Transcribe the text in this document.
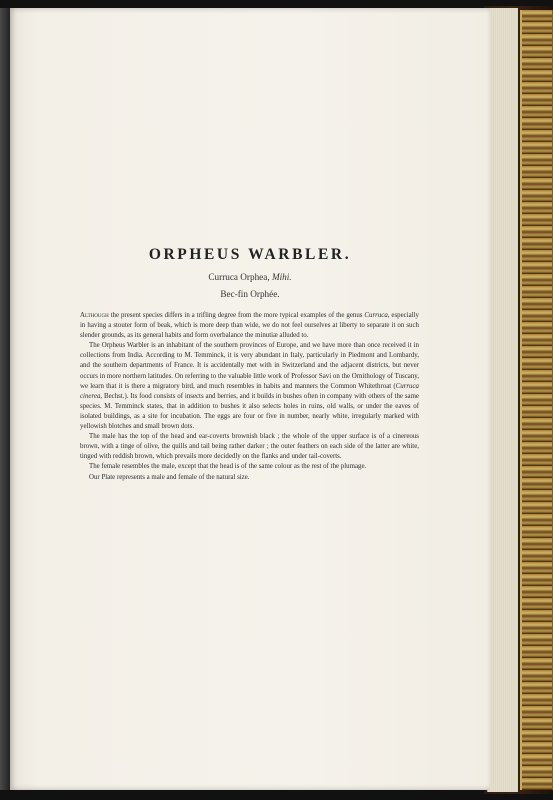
ORPHEUS WARBLER.
Curruca Orphea, Mihi.
Bec-fin Orphée.

Although the present species differs in a trifling degree from the more typical examples of the genus Curruca, especially in having a stouter form of beak, which is more deep than wide, we do not feel ourselves at liberty to separate it on such slender grounds, as its general habits and form overbalance the minutiæ alluded to.

The Orpheus Warbler is an inhabitant of the southern provinces of Europe, and we have more than once received it in collections from India. According to M. Temminck, it is very abundant in Italy, particularly in Piedmont and Lombardy, and the southern departments of France. It is accidentally met with in Switzerland and the adjacent districts, but never occurs in more northern latitudes. On referring to the valuable little work of Professor Savi on the Ornithology of Tuscany, we learn that it is there a migratory bird, and much resembles in habits and manners the Common Whitethroat (Curruca cinerea, Bechst.). Its food consists of insects and berries, and it builds in bushes often in company with others of the same species. M. Temminck states, that in addition to bushes it also selects holes in ruins, old walls, or under the eaves of isolated buildings, as a site for incubation. The eggs are four or five in number, nearly white, irregularly marked with yellowish blotches and small brown dots.

The male has the top of the head and ear-coverts brownish black ; the whole of the upper surface is of a cinereous brown, with a tinge of olive, the quills and tail being rather darker ; the outer feathers on each side of the latter are white, tinged with reddish brown, which prevails more decidedly on the flanks and under tail-coverts.

The female resembles the male, except that the head is of the same colour as the rest of the plumage.

Our Plate represents a male and female of the natural size.
